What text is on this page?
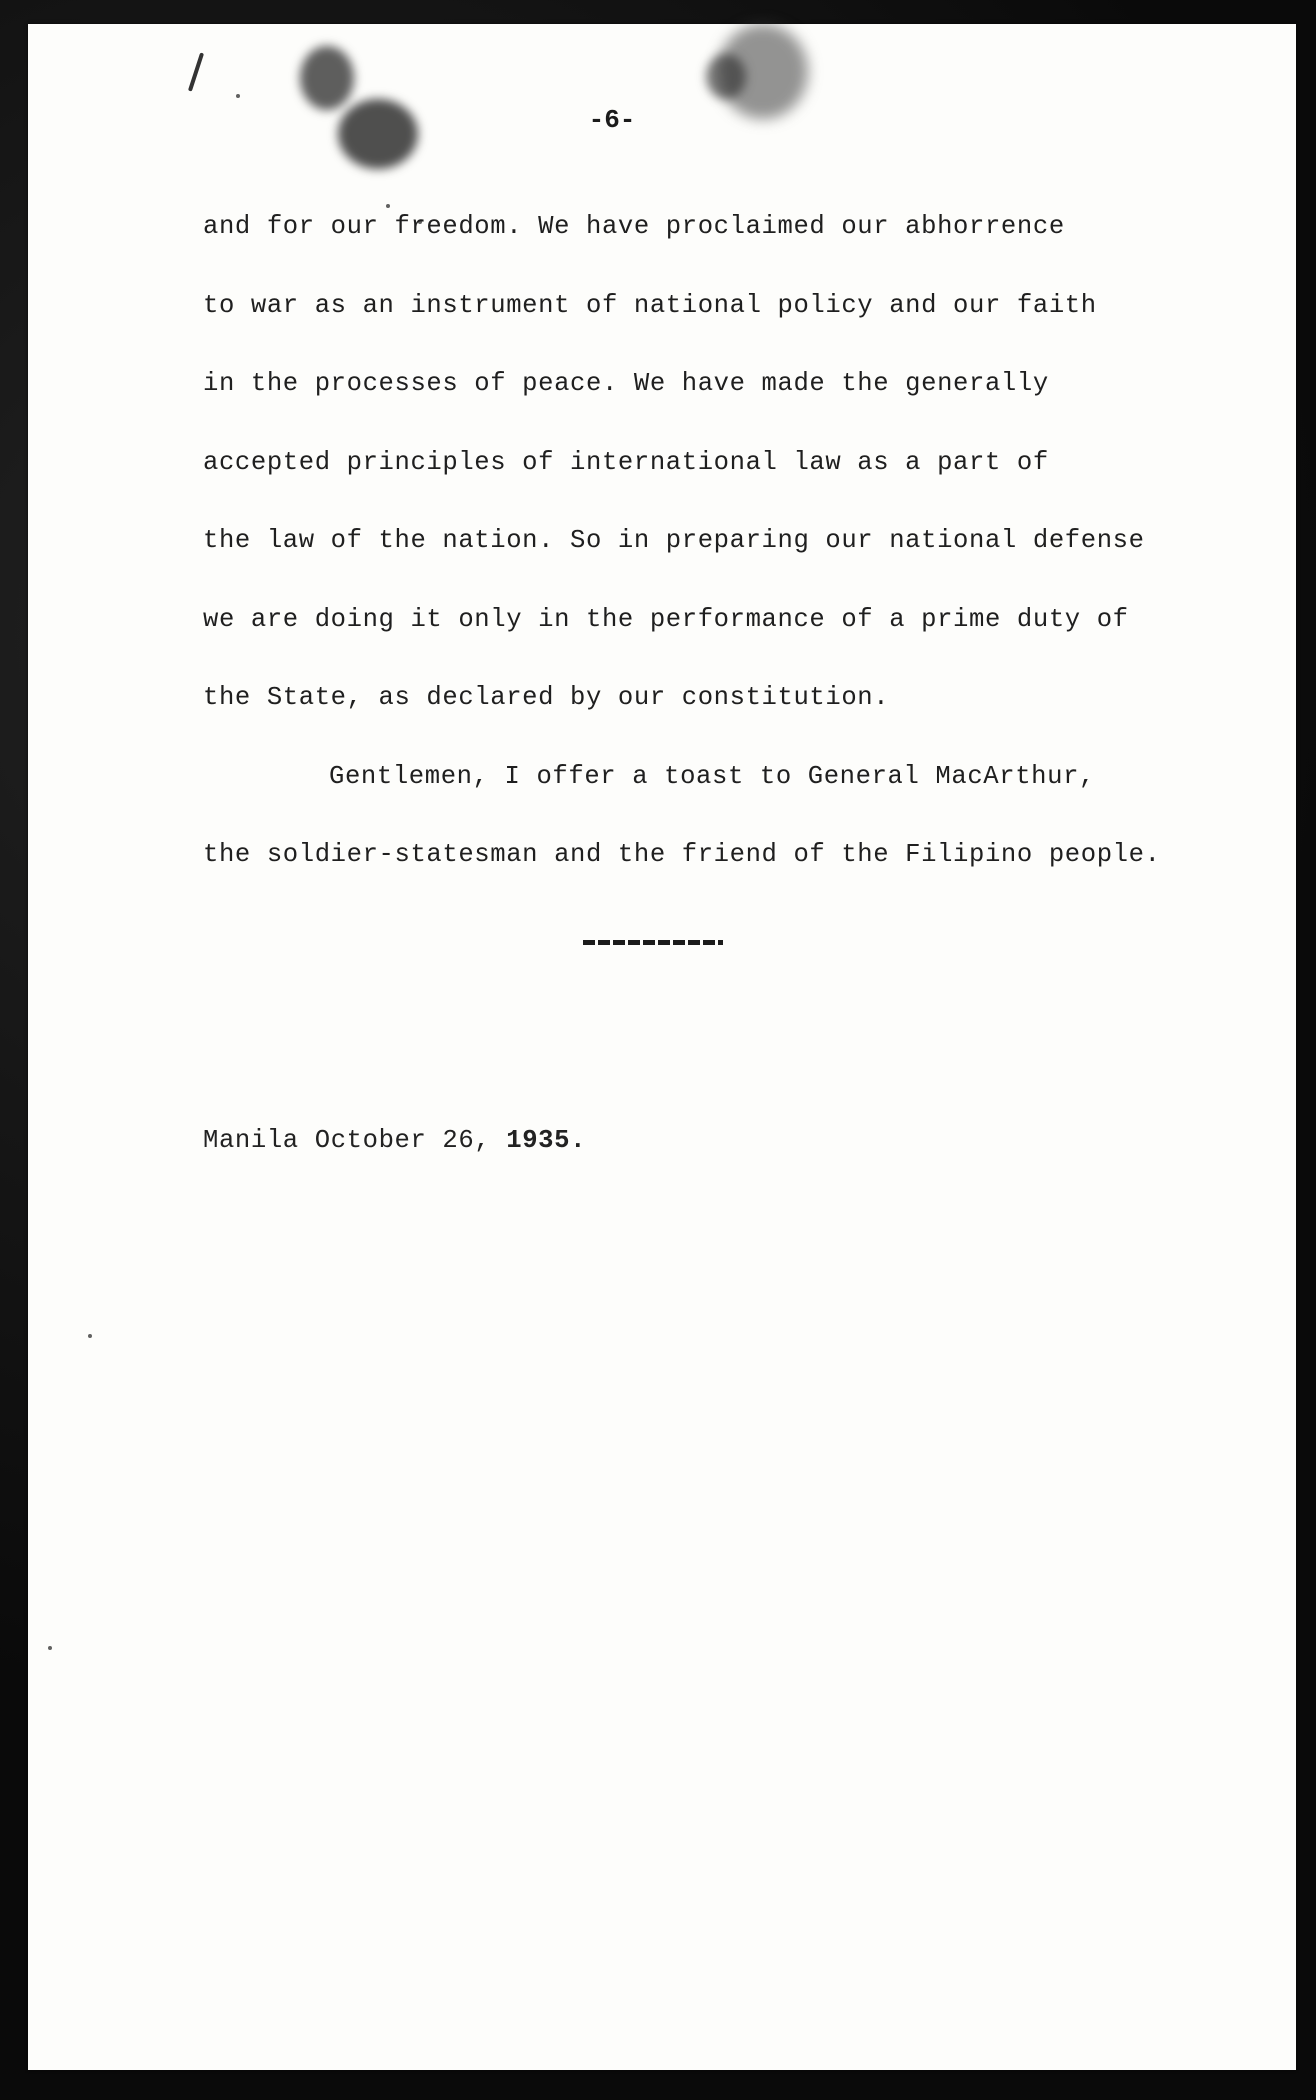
-6-
and for our freedom. We have proclaimed our abhorrence
to war as an instrument of national policy and our faith
in the processes of peace. We have made the generally
accepted principles of international law as a part of
the law of the nation. So in preparing our national defense
we are doing it only in the performance of a prime duty of
the State, as declared by our constitution.
Gentlemen, I offer a toast to General MacArthur,
the soldier-statesman and the friend of the Filipino people.
Manila October 26, 1935.
